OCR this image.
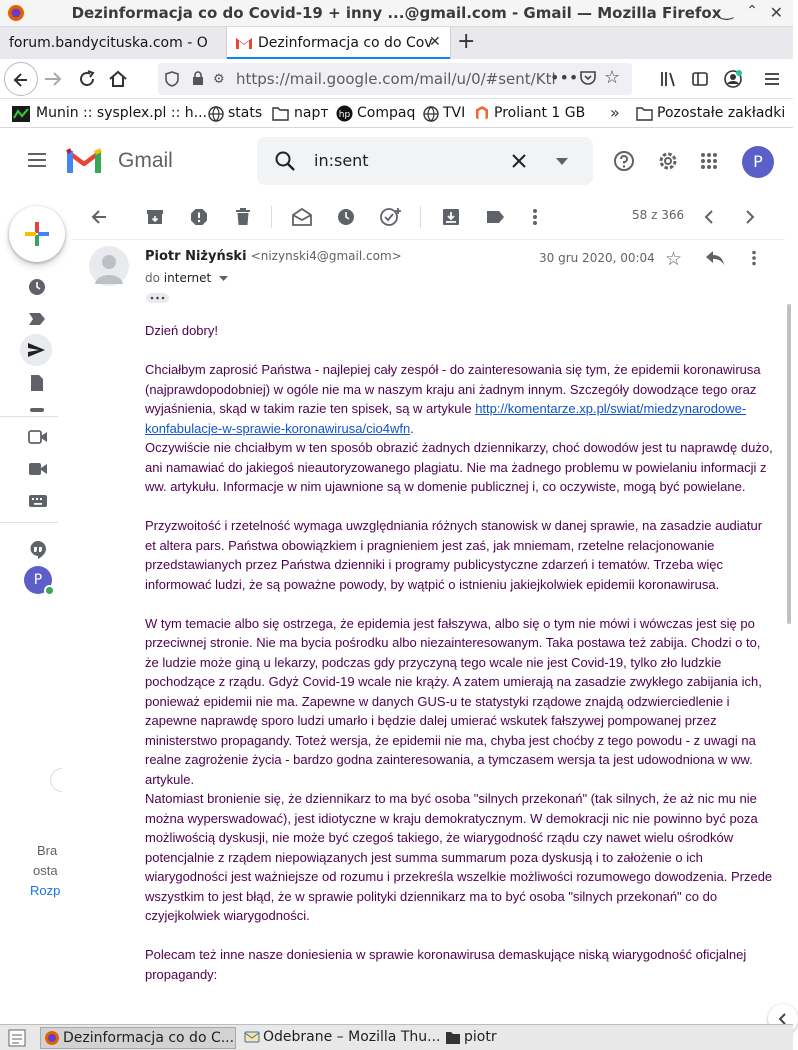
Dezinformacja co do Covid-19 + inny ...@gmail.com - Gmail — Mozilla Firefox
‿ ⌃ ✕
forum.bandycituska.com - O	Dezinformacja co do Cov
✕ +
⚙ https://mail.google.com/mail/u/0/#sent/Ktl
••• ☆
Munin :: sysplex.pl :: h... stats napт hp Compaq TVI Proliant 1 GB »	Pozostałe zakładki
Gmail	in:sent	P
P
Bra
osta
Rozp
58 z 366
Piotr Niżyński <nizynski4@gmail.com>	30 gru 2020, 00:04 ☆
do internet

Dzień dobry!

Chciałbym zaprosić Państwa - najlepiej cały zespół - do zainteresowania się tym, że epidemii koronawirusa (najprawdopodobniej) w ogóle nie ma w naszym kraju ani żadnym innym. Szczegóły dowodzące tego oraz wyjaśnienia, skąd w takim razie ten spisek, są w artykule http://komentarze.xp.pl/swiat/miedzynarodowe-konfabulacje-w-sprawie-koronawirusa/cio4wfn.

Oczywiście nie chciałbym w ten sposób obrazić żadnych dziennikarzy, choć dowodów jest tu naprawdę dużo, ani namawiać do jakiegoś nieautoryzowanego plagiatu. Nie ma żadnego problemu w powielaniu informacji z ww. artykułu. Informacje w nim ujawnione są w domenie publicznej i, co oczywiste, mogą być powielane.

Przyzwoitość i rzetelność wymaga uwzględniania różnych stanowisk w danej sprawie, na zasadzie audiatur et altera pars. Państwa obowiązkiem i pragnieniem jest zaś, jak mniemam, rzetelne relacjonowanie przedstawianych przez Państwa dzienniki i programy publicystyczne zdarzeń i tematów. Trzeba więc informować ludzi, że są poważne powody, by wątpić o istnieniu jakiejkolwiek epidemii koronawirusa.

W tym temacie albo się ostrzega, że epidemia jest fałszywa, albo się o tym nie mówi i wówczas jest się po przeciwnej stronie. Nie ma bycia pośrodku albo niezainteresowanym. Taka postawa też zabija. Chodzi o to, że ludzie może giną u lekarzy, podczas gdy przyczyną tego wcale nie jest Covid-19, tylko zło ludzkie pochodzące z rządu. Gdyż Covid-19 wcale nie krąży. A zatem umierają na zasadzie zwykłego zabijania ich, ponieważ epidemii nie ma. Zapewne w danych GUS-u te statystyki rządowe znajdą odzwierciedlenie i zapewne naprawdę sporo ludzi umarło i będzie dalej umierać wskutek fałszywej pompowanej przez ministerstwo propagandy. Toteż wersja, że epidemii nie ma, chyba jest choćby z tego powodu - z uwagi na realne zagrożenie życia - bardzo godna zainteresowania, a tymczasem wersja ta jest udowodniona w ww. artykule.

Natomiast bronienie się, że dziennikarz to ma być osoba "silnych przekonań" (tak silnych, że aż nic mu nie można wyperswadować), jest idiotyczne w kraju demokratycznym. W demokracji nic nie powinno być poza możliwością dyskusji, nie może być czegoś takiego, że wiarygodność rządu czy nawet wielu ośrodków potencjalnie z rządem niepowiązanych jest summa summarum poza dyskusją i to założenie o ich wiarygodności jest ważniejsze od rozumu i przekreśla wszelkie możliwości rozumowego dowodzenia. Przede wszystkim to jest błąd, że w sprawie polityki dziennikarz ma to być osoba "silnych przekonań" co do czyjejkolwiek wiarygodności.

Polecam też inne nasze doniesienia w sprawie koronawirusa demaskujące niską wiarygodność oficjalnej propagandy:

Dezinformacja co do C... Odebrane – Mozilla Thu... piotr
